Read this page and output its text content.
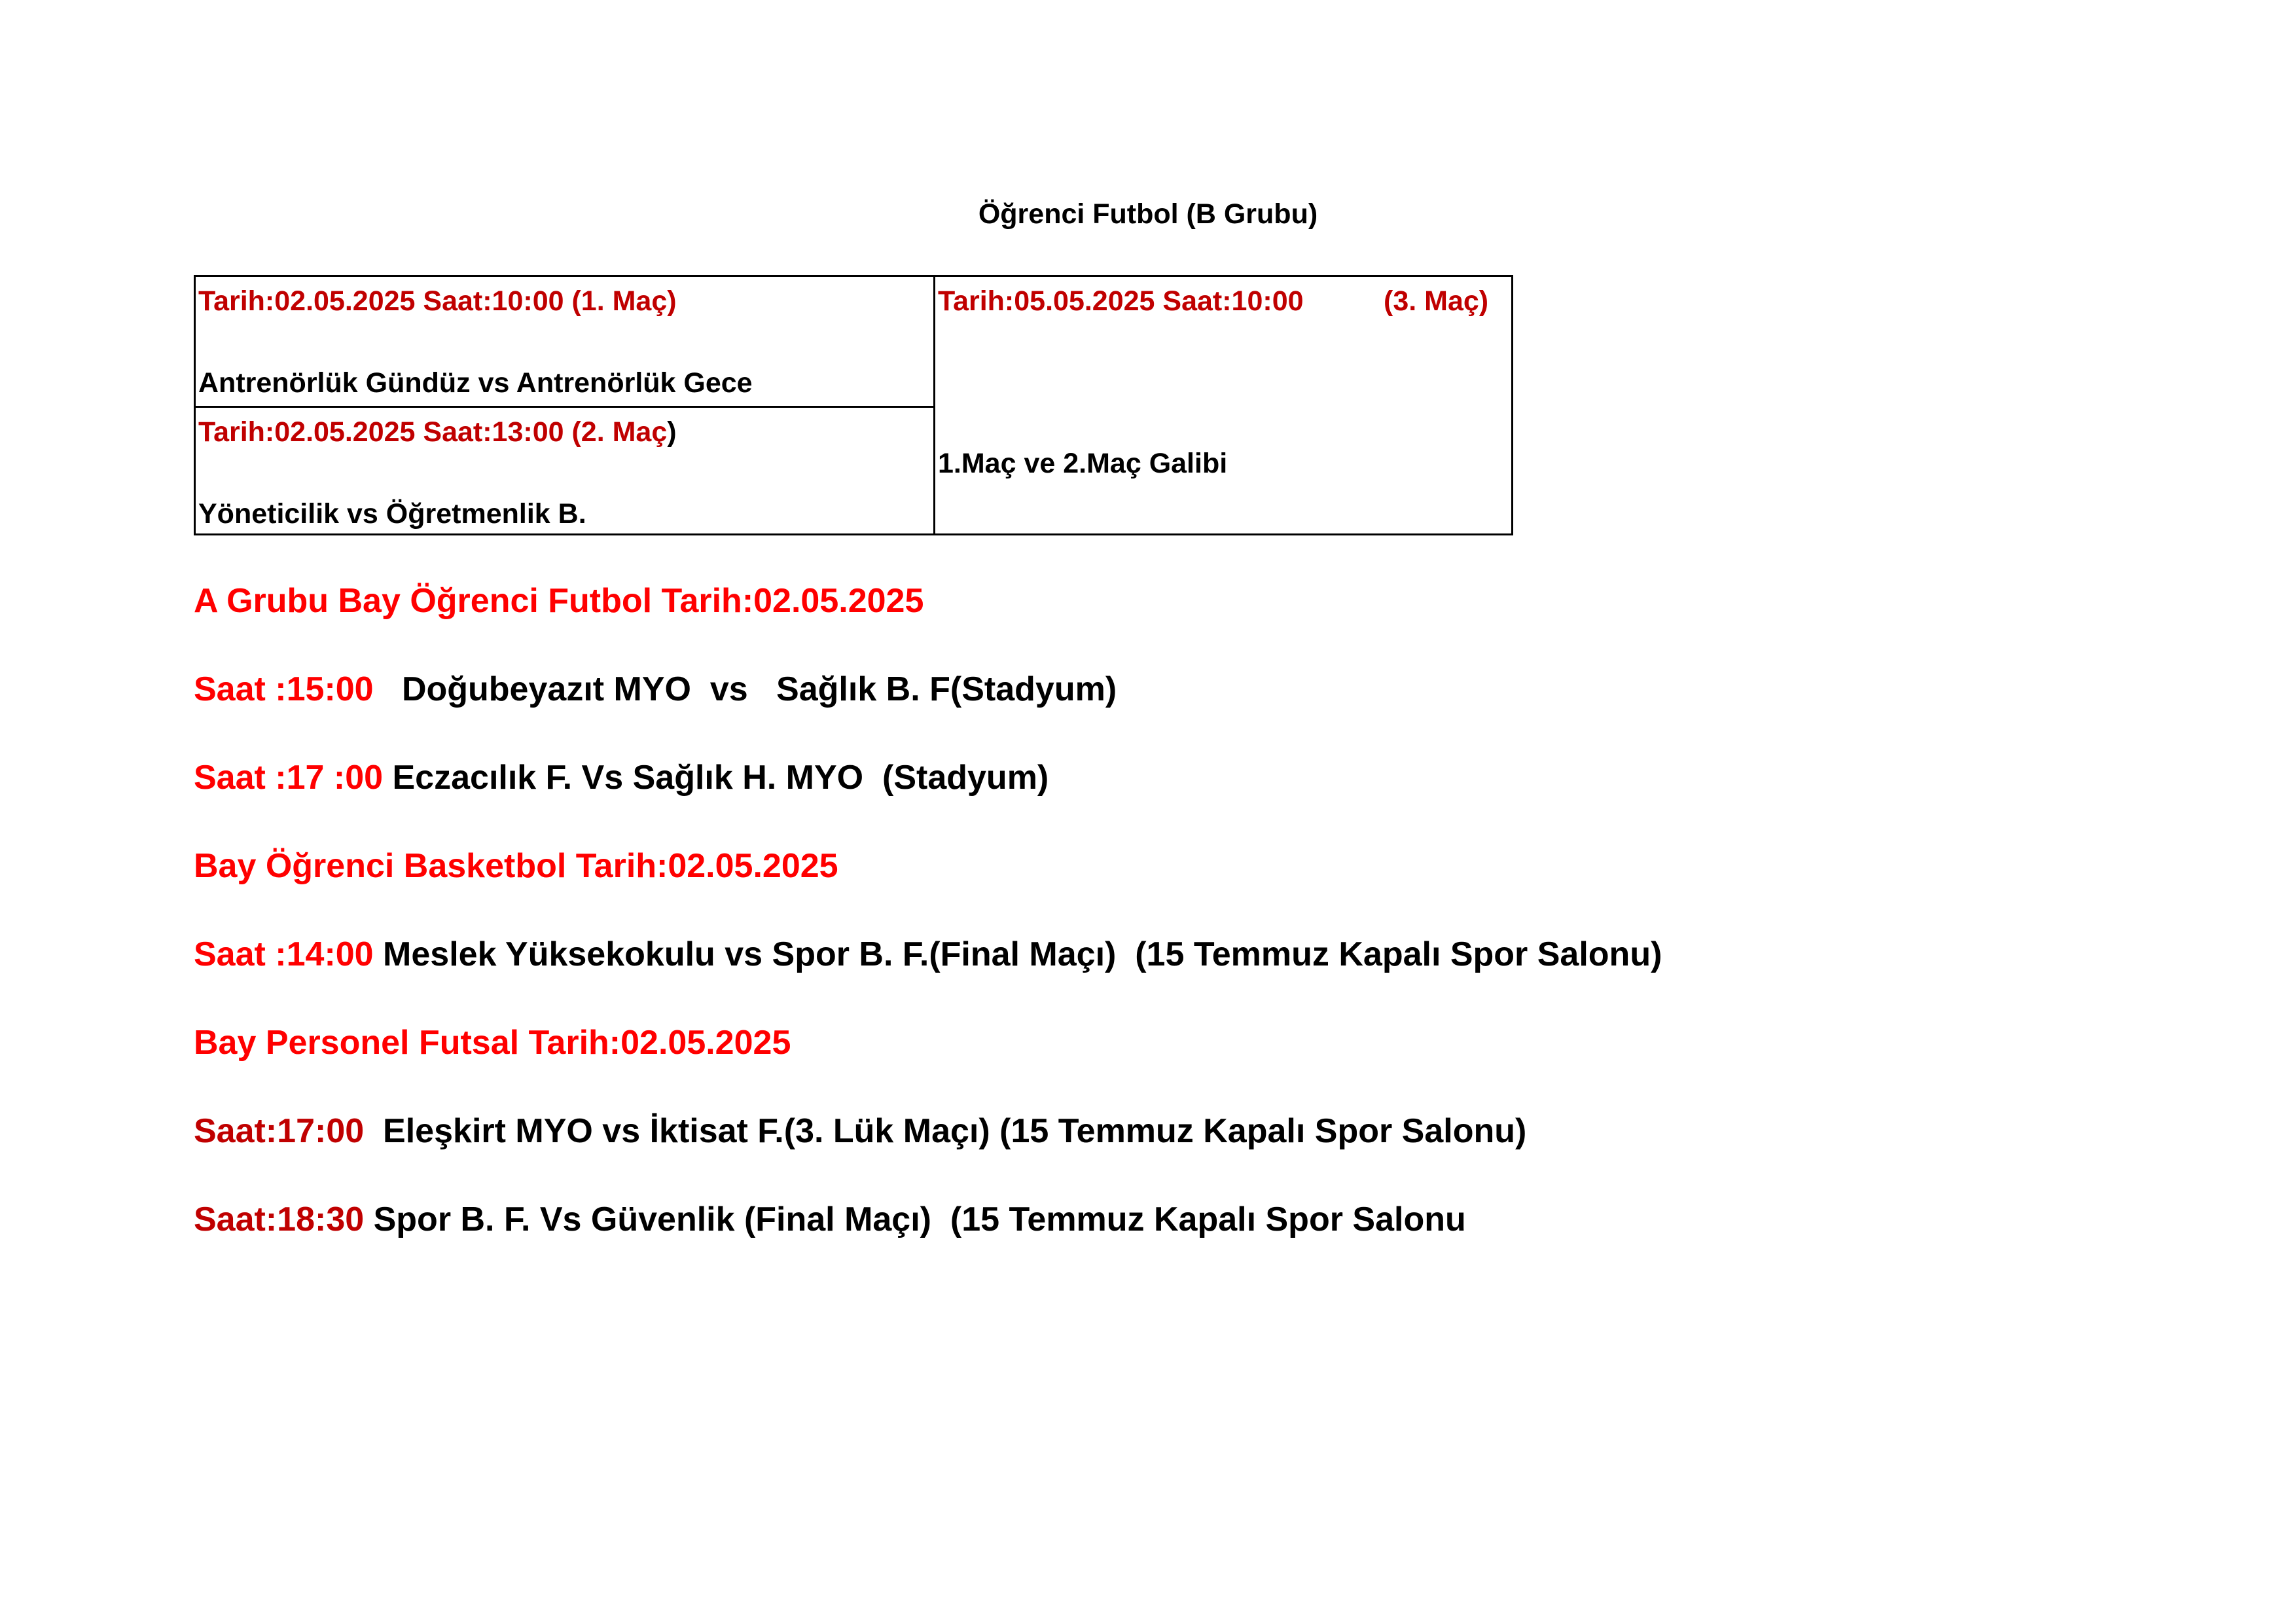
Öğrenci Futbol (B Grubu)
Tarih:02.05.2025 Saat:10:00 (1. Maç)
Antrenörlük Gündüz vs Antrenörlük Gece
Tarih:02.05.2025 Saat:13:00 (2. Maç)
Yöneticilik vs Öğretmenlik B.
Tarih:05.05.2025 Saat:10:00	(3. Maç)
1.Maç ve 2.Maç Galibi
A Grubu Bay Öğrenci Futbol Tarih:02.05.2025
Saat :15:00   Doğubeyazıt MYO  vs   Sağlık B. F(Stadyum)
Saat :17 :00 Eczacılık F. Vs Sağlık H. MYO  (Stadyum)
Bay Öğrenci Basketbol Tarih:02.05.2025
Saat :14:00 Meslek Yüksekokulu vs Spor B. F.(Final Maçı)  (15 Temmuz Kapalı Spor Salonu)
Bay Personel Futsal Tarih:02.05.2025
Saat:17:00  Eleşkirt MYO vs İktisat F.(3. Lük Maçı) (15 Temmuz Kapalı Spor Salonu)
Saat:18:30 Spor B. F. Vs Güvenlik (Final Maçı)  (15 Temmuz Kapalı Spor Salonu
